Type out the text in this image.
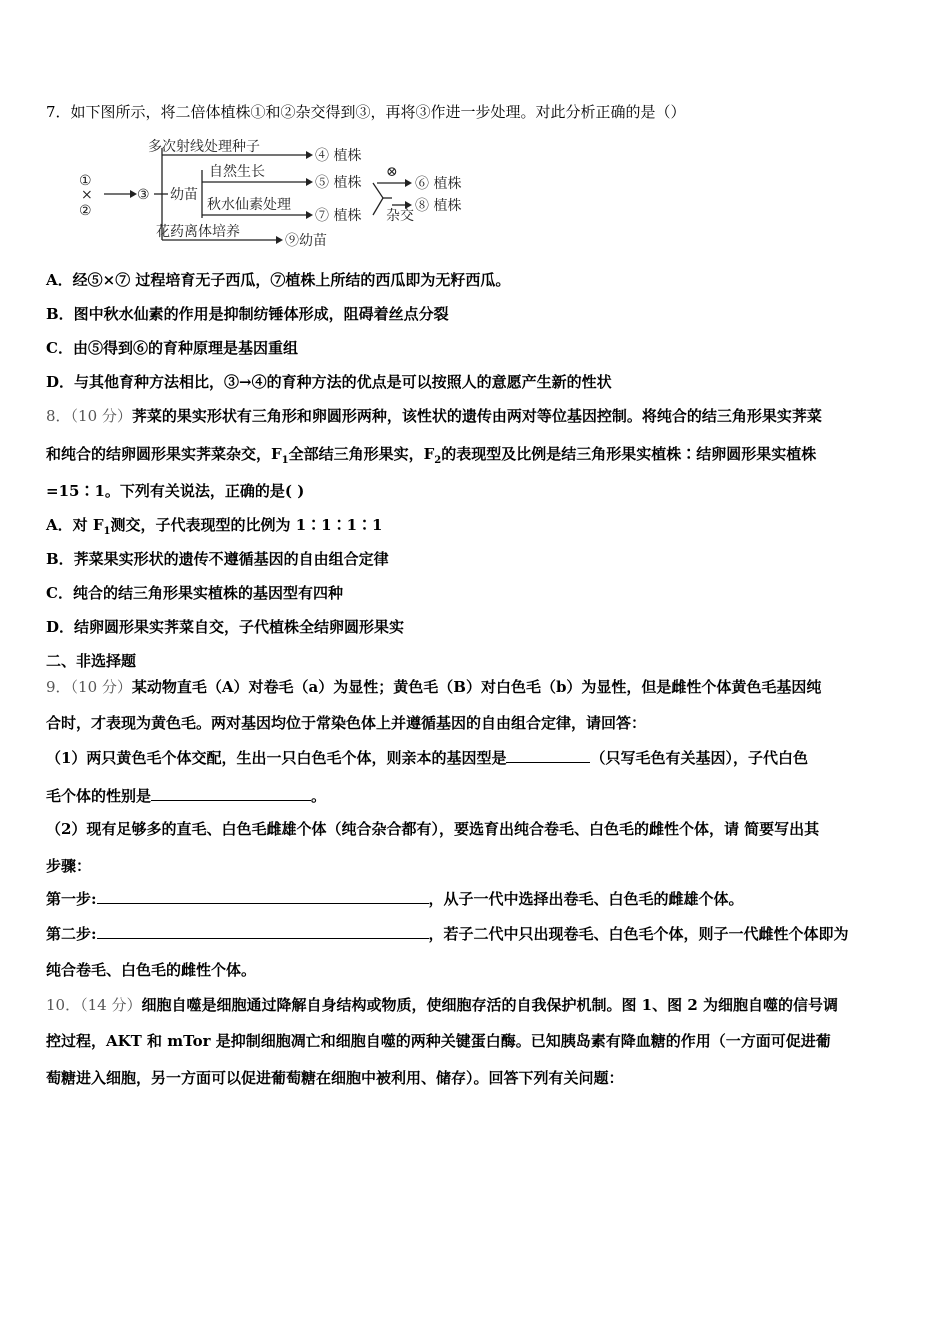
7．如下图所示，将二倍体植株①和②杂交得到③，再将③作进一步处理。对此分析正确的是（）
①
×
②
③ 幼苗
多次射线处理种子
④ 植株
自然生长
⑤ 植株
秋水仙素处理
⑦ 植株
⊗
⑥ 植株
⑧ 植株
杂交
花药离体培养
⑨幼苗
A．经⑤×⑦ 过程培育无子西瓜，⑦植株上所结的西瓜即为无籽西瓜。
B．图中秋水仙素的作用是抑制纺锤体形成，阻碍着丝点分裂
C．由⑤得到⑥的育种原理是基因重组
D．与其他育种方法相比，③→④的育种方法的优点是可以按照人的意愿产生新的性状
8．（10 分）荠菜的果实形状有三角形和卵圆形两种，该性状的遗传由两对等位基因控制。将纯合的结三角形果实荠菜
和纯合的结卵圆形果实荠菜杂交，$F_1$全部结三角形果实，$F_2$的表现型及比例是结三角形果实植株∶结卵圆形果实植株
=15∶1。下列有关说法，正确的是( )
A．对 $F_1$测交，子代表现型的比例为 1∶1∶1∶1
B．荠菜果实形状的遗传不遵循基因的自由组合定律
C．纯合的结三角形果实植株的基因型有四种
D．结卵圆形果实荠菜自交，子代植株全结卵圆形果实
二、非选择题
9．（10 分）某动物直毛（A）对卷毛（a）为显性；黄色毛（B）对白色毛（b）为显性，但是雌性个体黄色毛基因纯
合时，才表现为黄色毛。两对基因均位于常染色体上并遵循基因的自由组合定律，请回答：
（1）两只黄色毛个体交配，生出一只白色毛个体，则亲本的基因型是	（只写毛色有关基因），子代白色
毛个体的性别是	。
（2）现有足够多的直毛、白色毛雌雄个体（纯合杂合都有），要选育出纯合卷毛、白色毛的雌性个体，请 简要写出其
步骤：
第一步:	，从子一代中选择出卷毛、白色毛的雌雄个体。
第二步:	，若子二代中只出现卷毛、白色毛个体，则子一代雌性个体即为
纯合卷毛、白色毛的雌性个体。
10．（14 分）细胞自噬是细胞通过降解自身结构或物质，使细胞存活的自我保护机制。图 1、图 2 为细胞自噬的信号调
控过程，AKT 和 mTor 是抑制细胞凋亡和细胞自噬的两种关键蛋白酶。已知胰岛素有降血糖的作用（一方面可促进葡
萄糖进入细胞，另一方面可以促进葡萄糖在细胞中被利用、储存）。回答下列有关问题：
